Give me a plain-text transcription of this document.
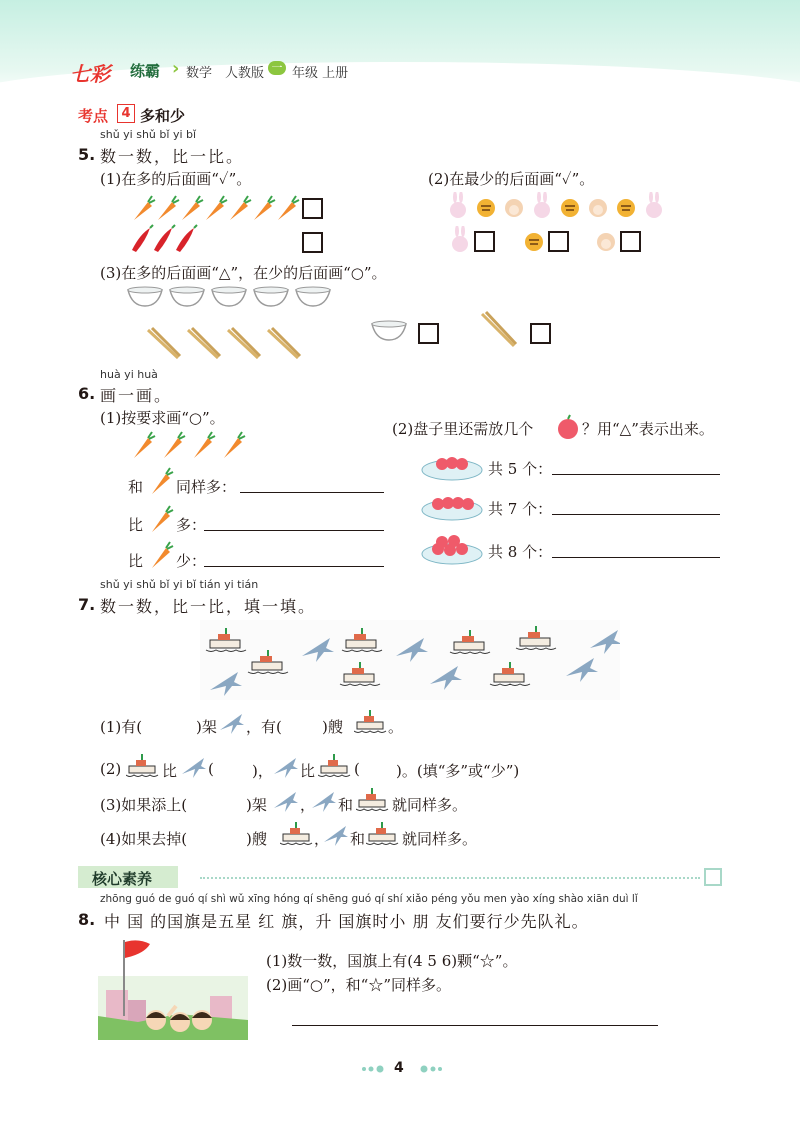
七彩 练霸 › 数学 人教版 一 年级 上册
考点	4 多和少
shǔ yi shǔ bǐ yi bǐ
5. 数一数，比一比。
(1)在多的后面画“✓”。	(2)在最少的后面画“✓”。
(3)在多的后面画“△”，在少的后面画“○”。
huà yi huà
6. 画一画。
(1)按要求画“○”。
和 同样多：
比 多：
比 少：
(2)盘子里还需放几个	？用“△”表示出来。
共 5 个：
共 7 个：
共 8 个：
shǔ yi shǔ bǐ yi bǐ tián yi tián
7. 数一数，比一比，填一填。
(1)有(	)架 ，有(	)艘	。
(2)	比 (	)， 比	( )。(填“多”或“少”)
(3)如果添上(	)架 ， 和	就同样多。
(4)如果去掉(	)艘	， 和 就同样多。
核心素养
zhōng guó de guó qí shì wǔ xīng hóng qí shēng guó qí shí xiǎo péng yǒu men yào xíng shào xiān duì lǐ
8. 中 国 的国旗是五星 红 旗，升 国旗时小 朋 友们要行少先队礼。
(1)数一数，国旗上有(4 5 6)颗“☆”。
(2)画“○”，和“☆”同样多。
4
